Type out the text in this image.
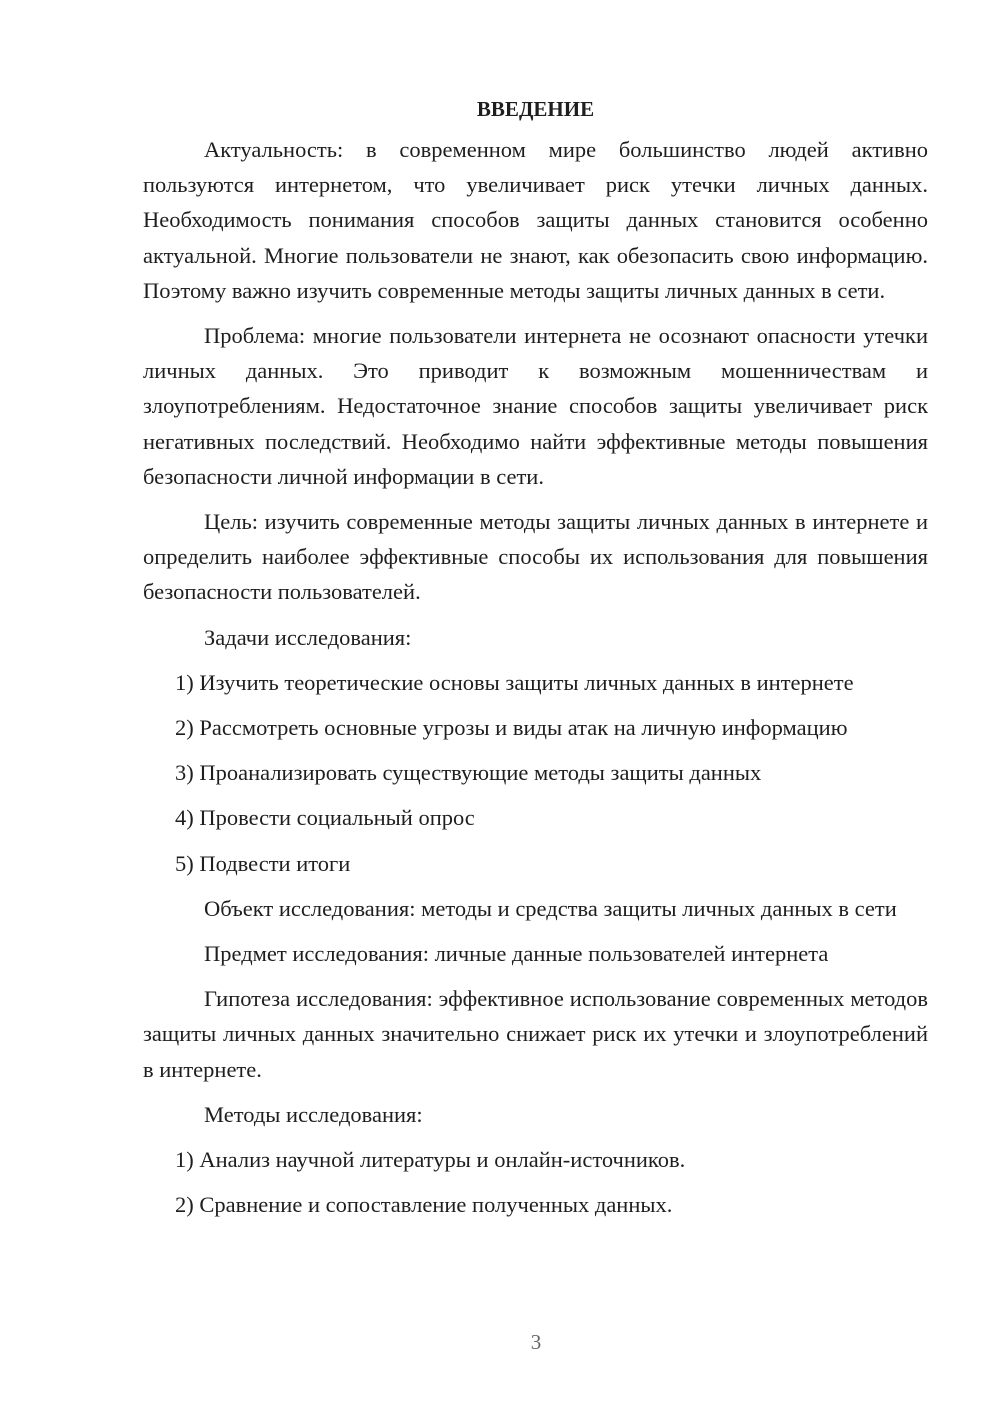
ВВЕДЕНИЕ

Актуальность: в современном мире большинство людей активно пользуются интернетом, что увеличивает риск утечки личных данных. Необходимость понимания способов защиты данных становится особенно актуальной. Многие пользователи не знают, как обезопасить свою информацию. Поэтому важно изучить современные методы защиты личных данных в сети.

Проблема: многие пользователи интернета не осознают опасности утечки личных данных. Это приводит к возможным мошенничествам и злоупотреблениям. Недостаточное знание способов защиты увеличивает риск негативных последствий. Необходимо найти эффективные методы повышения безопасности личной информации в сети.

Цель: изучить современные методы защиты личных данных в интернете и определить наиболее эффективные способы их использования для повышения безопасности пользователей.

Задачи исследования:

1) Изучить теоретические основы защиты личных данных в интернете
2) Рассмотреть основные угрозы и виды атак на личную информацию
3) Проанализировать существующие методы защиты данных
4) Провести социальный опрос
5) Подвести итоги

Объект исследования: методы и средства защиты личных данных в сети

Предмет исследования: личные данные пользователей интернета

Гипотеза исследования: эффективное использование современных методов защиты личных данных значительно снижает риск их утечки и злоупотреблений в интернете.

Методы исследования:

1) Анализ научной литературы и онлайн-источников.
2) Сравнение и сопоставление полученных данных.
3
